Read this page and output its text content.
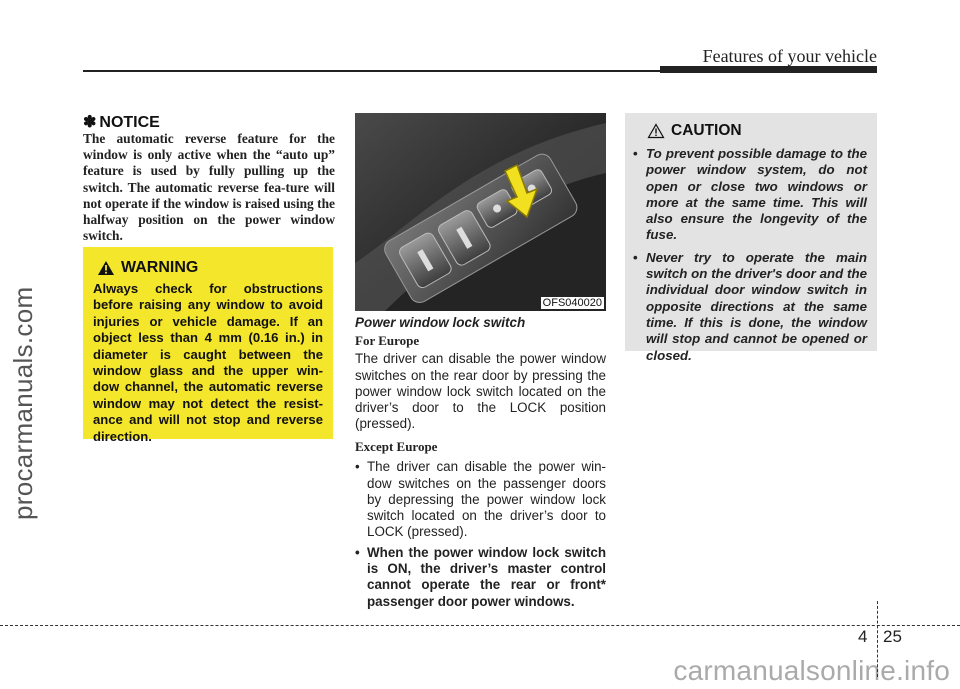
Features of your vehicle
procarmanuals.com
carmanualsonline.info
✽ NOTICE
The automatic reverse feature for the window is only active when the “auto up” feature is used by fully pulling up the switch. The automatic reverse fea-ture will not operate if the window is raised using the halfway position on the power window switch.
WARNING
Always check for obstructions before raising any window to avoid injuries or vehicle damage. If an object less than 4 mm (0.16 in.) in diameter is caught between the window glass and the upper win-dow channel, the automatic reverse window may not detect the resist-ance and will not stop and reverse direction.
OFS040020
Power window lock switch
For Europe
The driver can disable the power window switches on the rear door by pressing the power window lock switch located on the driver’s door to the LOCK position (pressed).
Except Europe
• The driver can disable the power win-dow switches on the passenger doors by depressing the power window lock switch located on the driver’s door to LOCK (pressed).
• When the power window lock switch is ON, the driver’s master control cannot operate the rear or front* passenger door power windows.
CAUTION
• To prevent possible damage to the power window system, do not open or close two windows or more at the same time. This will also ensure the longevity of the fuse.
• Never try to operate the main switch on the driver's door and the individual door window switch in opposite directions at the same time. If this is done, the window will stop and cannot be opened or closed.
4 25
